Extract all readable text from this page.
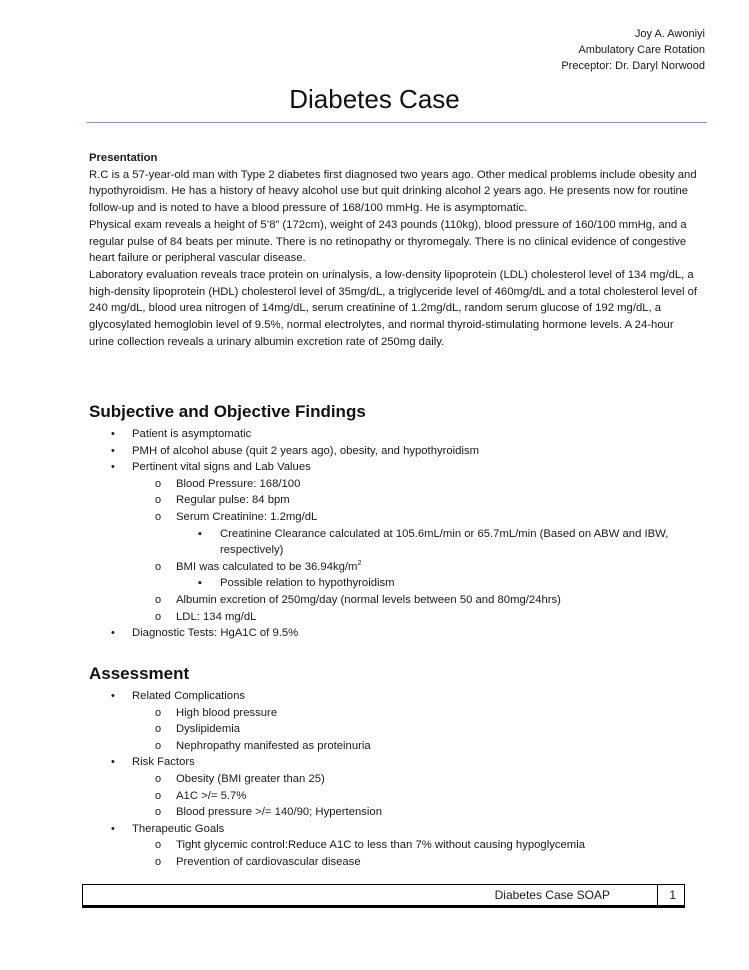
Joy A. Awoniyi
Ambulatory Care Rotation
Preceptor: Dr. Daryl Norwood
Diabetes Case

Presentation

R.C is a 57-year-old man with Type 2 diabetes first diagnosed two years ago. Other medical problems include obesity and hypothyroidism. He has a history of heavy alcohol use but quit drinking alcohol 2 years ago. He presents now for routine follow-up and is noted to have a blood pressure of 168/100 mmHg. He is asymptomatic.

Physical exam reveals a height of 5’8” (172cm), weight of 243 pounds (110kg), blood pressure of 160/100 mmHg, and a regular pulse of 84 beats per minute. There is no retinopathy or thyromegaly. There is no clinical evidence of congestive heart failure or peripheral vascular disease.

Laboratory evaluation reveals trace protein on urinalysis, a low-density lipoprotein (LDL) cholesterol level of 134 mg/dL, a high-density lipoprotein (HDL) cholesterol level of 35mg/dL, a triglyceride level of 460mg/dL and a total cholesterol level of 240 mg/dL, blood urea nitrogen of 14mg/dL, serum creatinine of 1.2mg/dL, random serum glucose of 192 mg/dL, a glycosylated hemoglobin level of 9.5%, normal electrolytes, and normal thyroid-stimulating hormone levels. A 24-hour urine collection reveals a urinary albumin excretion rate of 250mg daily.

Subjective and Objective Findings
• Patient is asymptomatic
• PMH of alcohol abuse (quit 2 years ago), obesity, and hypothyroidism
• Pertinent vital signs and Lab Values
o Blood Pressure: 168/100
o Regular pulse: 84 bpm
o Serum Creatinine: 1.2mg/dL
▪ Creatinine Clearance calculated at 105.6mL/min or 65.7mL/min (Based on ABW and IBW, respectively)
o BMI was calculated to be $36.94kg/m^2$
▪ Possible relation to hypothyroidism
o Albumin excretion of 250mg/day (normal levels between 50 and 80mg/24hrs)
o LDL: 134 mg/dL
• Diagnostic Tests: HgA1C of 9.5%
Assessment
• Related Complications
o High blood pressure
o Dyslipidemia
o Nephropathy manifested as proteinuria
• Risk Factors
o Obesity (BMI greater than 25)
o A1C >/= 5.7%
o Blood pressure >/= 140/90; Hypertension
• Therapeutic Goals
o Tight glycemic control:Reduce A1C to less than 7% without causing hypoglycemia
o Prevention of cardiovascular disease
Diabetes Case SOAP	1
